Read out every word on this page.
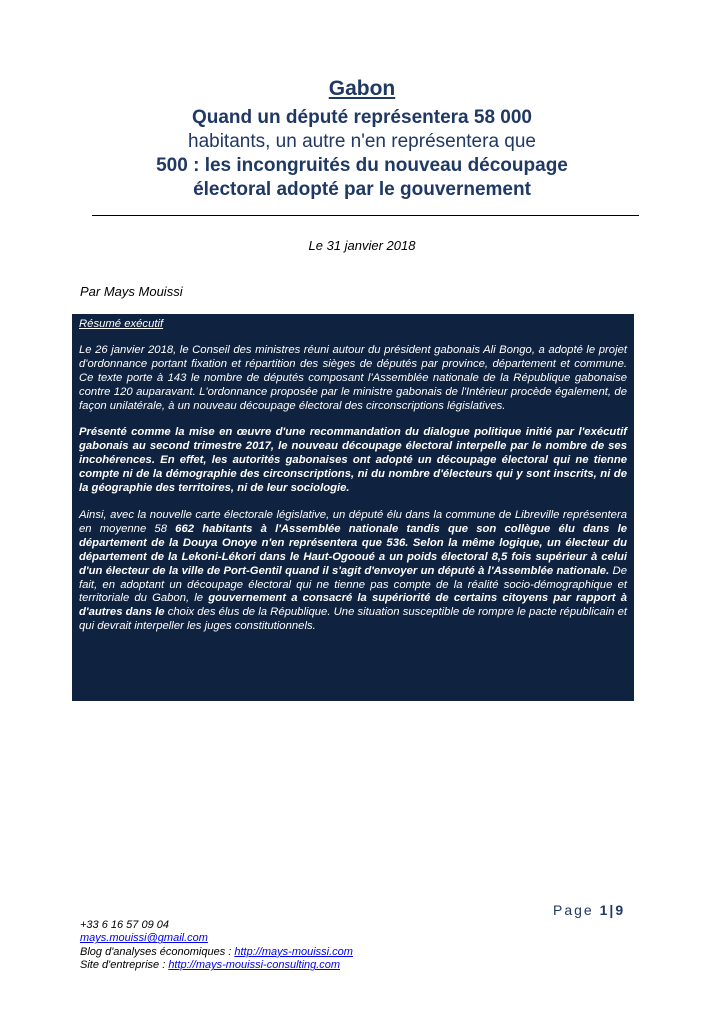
Gabon
Quand un député représentera 58 000
habitants, un autre n'en représentera que
500 : les incongruités du nouveau découpage
électoral adopté par le gouvernement
Le 31 janvier 2018
Par Mays Mouissi
Résumé exécutif

Le 26 janvier 2018, le Conseil des ministres réuni autour du président gabonais Ali Bongo, a adopté le projet d'ordonnance portant fixation et répartition des sièges de députés par province, département et commune. Ce texte porte à 143 le nombre de députés composant l'Assemblée nationale de la République gabonaise contre 120 auparavant. L'ordonnance proposée par le ministre gabonais de l'Intérieur procède également, de façon unilatérale, à un nouveau découpage électoral des circonscriptions législatives.

Présenté comme la mise en œuvre d'une recommandation du dialogue politique initié par l'exécutif gabonais au second trimestre 2017, le nouveau découpage électoral interpelle par le nombre de ses incohérences. En effet, les autorités gabonaises ont adopté un découpage électoral qui ne tienne compte ni de la démographie des circonscriptions, ni du nombre d'électeurs qui y sont inscrits, ni de la géographie des territoires, ni de leur sociologie.

Ainsi, avec la nouvelle carte électorale législative, un député élu dans la commune de Libreville représentera en moyenne 58 662 habitants à l'Assemblée nationale tandis que son collègue élu dans le département de la Douya Onoye n'en représentera que 536. Selon la même logique, un électeur du département de la Lekoni-Lékori dans le Haut-Ogooué a un poids électoral 8,5 fois supérieur à celui d'un électeur de la ville de Port-Gentil quand il s'agit d'envoyer un député à l'Assemblée nationale. De fait, en adoptant un découpage électoral qui ne tienne pas compte de la réalité socio-démographique et territoriale du Gabon, le gouvernement a consacré la supériorité de certains citoyens par rapport à d'autres dans le choix des élus de la République. Une situation susceptible de rompre le pacte républicain et qui devrait interpeller les juges constitutionnels.

Page 1|9
+33 6 16 57 09 04
mays.mouissi@gmail.com
Blog d'analyses économiques : http://mays-mouissi.com
Site d'entreprise : http://mays-mouissi-consulting.com
